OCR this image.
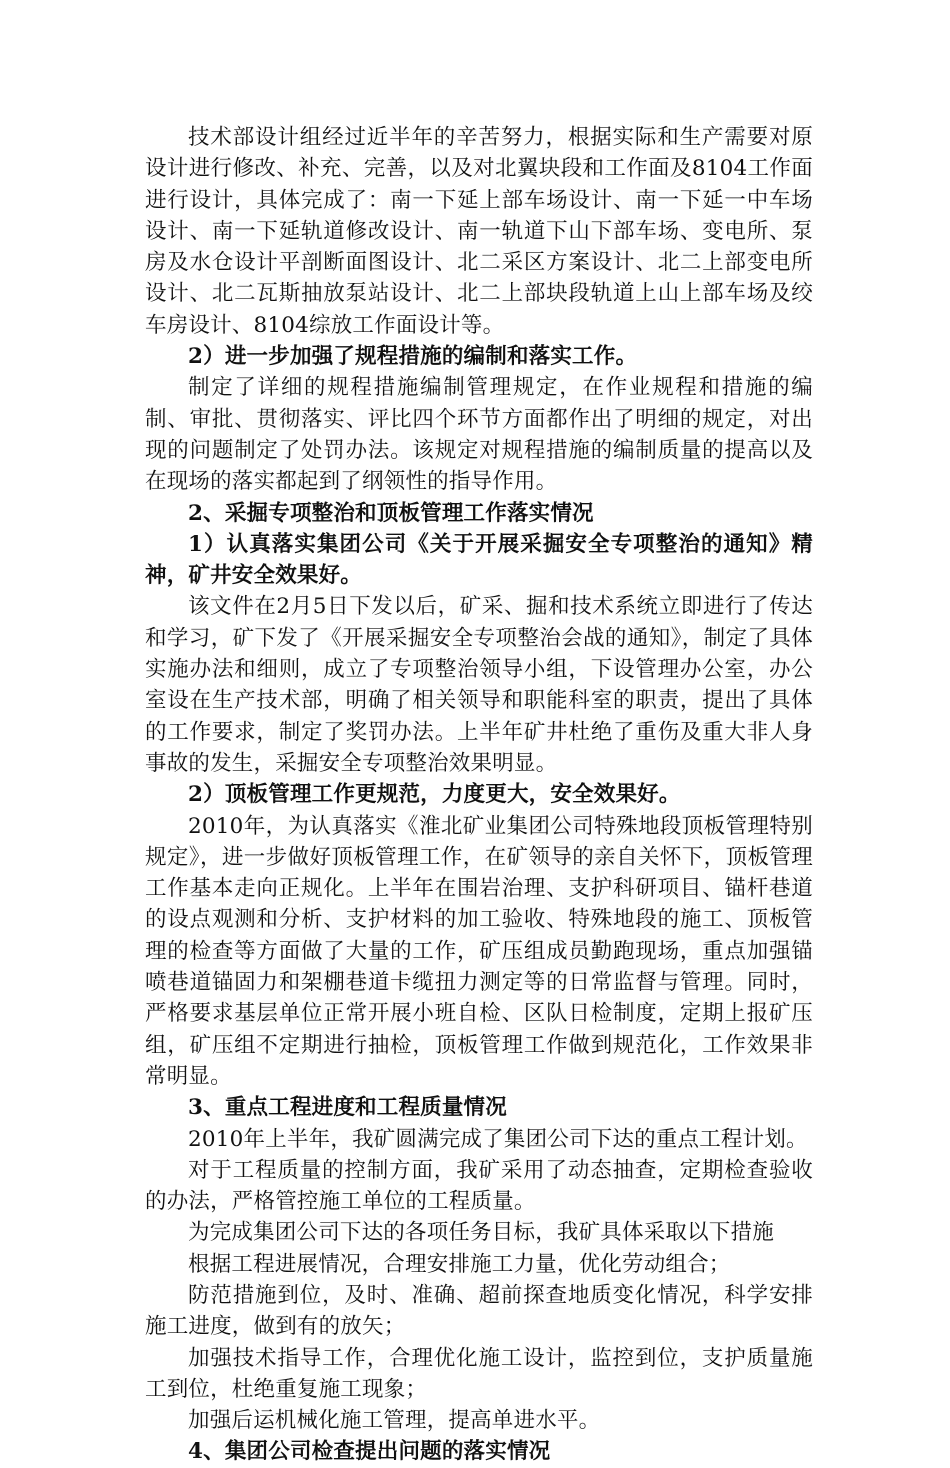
技术部设计组经过近半年的辛苦努力，根据实际和生产需要对原设计进行修改、补充、完善，以及对北翼块段和工作面及8104工作面进行设计，具体完成了：南一下延上部车场设计、南一下延一中车场设计、南一下延轨道修改设计、南一轨道下山下部车场、变电所、泵房及水仓设计平剖断面图设计、北二采区方案设计、北二上部变电所设计、北二瓦斯抽放泵站设计、北二上部块段轨道上山上部车场及绞车房设计、8104综放工作面设计等。

2）进一步加强了规程措施的编制和落实工作。

制定了详细的规程措施编制管理规定，在作业规程和措施的编制、审批、贯彻落实、评比四个环节方面都作出了明细的规定，对出现的问题制定了处罚办法。该规定对规程措施的编制质量的提高以及在现场的落实都起到了纲领性的指导作用。

2、采掘专项整治和顶板管理工作落实情况

1）认真落实集团公司《关于开展采掘安全专项整治的通知》精神，矿井安全效果好。

该文件在2月5日下发以后，矿采、掘和技术系统立即进行了传达和学习，矿下发了《开展采掘安全专项整治会战的通知》，制定了具体实施办法和细则，成立了专项整治领导小组，下设管理办公室，办公室设在生产技术部，明确了相关领导和职能科室的职责，提出了具体的工作要求，制定了奖罚办法。上半年矿井杜绝了重伤及重大非人身事故的发生，采掘安全专项整治效果明显。

2）顶板管理工作更规范，力度更大，安全效果好。

2010年，为认真落实《淮北矿业集团公司特殊地段顶板管理特别规定》，进一步做好顶板管理工作，在矿领导的亲自关怀下，顶板管理工作基本走向正规化。上半年在围岩治理、支护科研项目、锚杆巷道的设点观测和分析、支护材料的加工验收、特殊地段的施工、顶板管理的检查等方面做了大量的工作，矿压组成员勤跑现场，重点加强锚喷巷道锚固力和架棚巷道卡缆扭力测定等的日常监督与管理。同时，严格要求基层单位正常开展小班自检、区队日检制度，定期上报矿压组，矿压组不定期进行抽检，顶板管理工作做到规范化，工作效果非常明显。

3、重点工程进度和工程质量情况

2010年上半年，我矿圆满完成了集团公司下达的重点工程计划。

对于工程质量的控制方面，我矿采用了动态抽查，定期检查验收的办法，严格管控施工单位的工程质量。

为完成集团公司下达的各项任务目标，我矿具体采取以下措施

根据工程进展情况，合理安排施工力量，优化劳动组合；

防范措施到位，及时、准确、超前探查地质变化情况，科学安排施工进度，做到有的放矢；

加强技术指导工作，合理优化施工设计，监控到位，支护质量施工到位，杜绝重复施工现象；

加强后运机械化施工管理，提高单进水平。

4、集团公司检查提出问题的落实情况
